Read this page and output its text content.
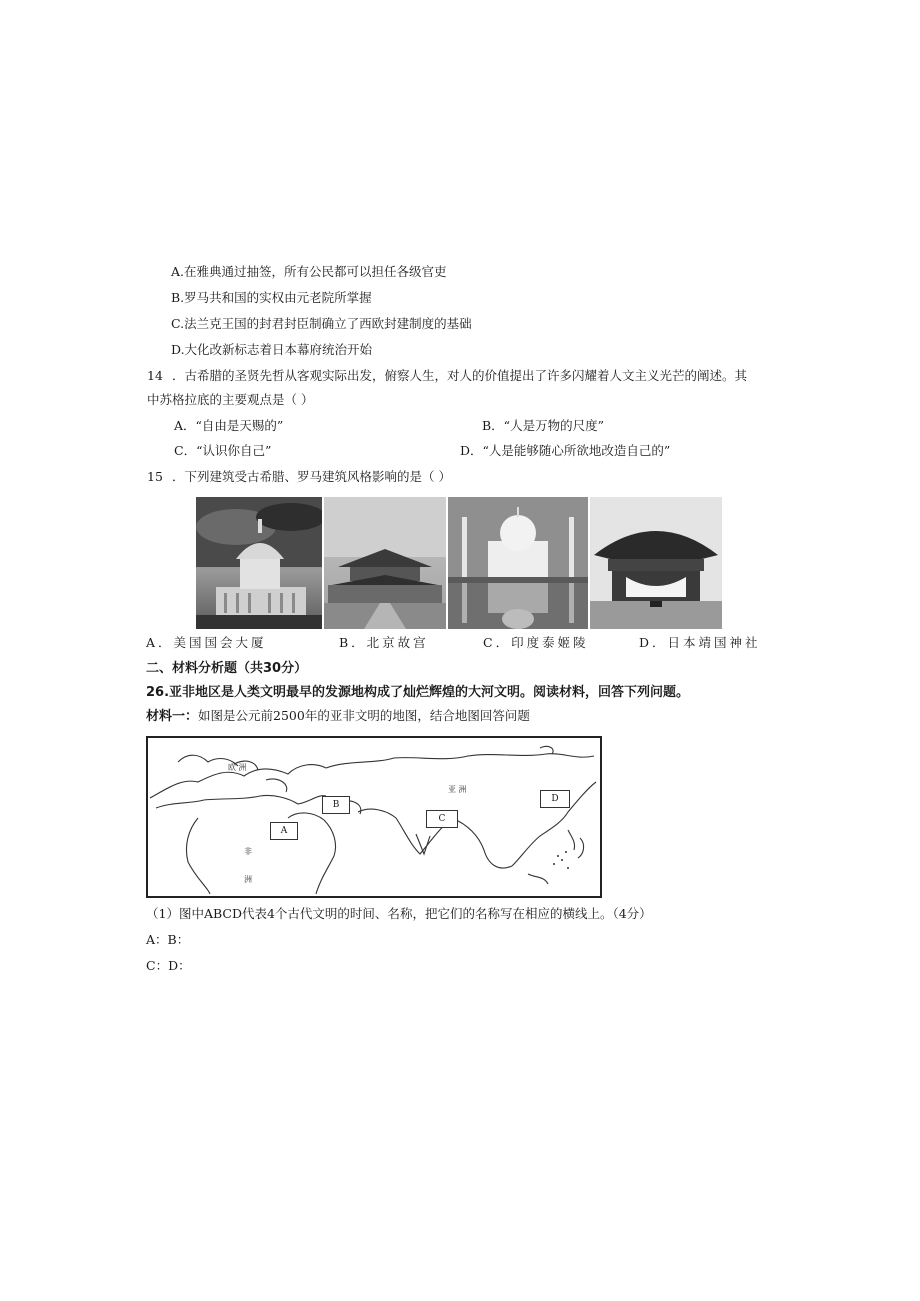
A.在雅典通过抽签，所有公民都可以担任各级官吏
B.罗马共和国的实权由元老院所掌握
C.法兰克王国的封君封臣制确立了西欧封建制度的基础
D.大化改新标志着日本幕府统治开始
14 ．古希腊的圣贤先哲从客观实际出发，俯察人生，对人的价值提出了许多闪耀着人文主义光芒的阐述。其
中苏格拉底的主要观点是（ ）
A．“自由是天赐的”	B．“人是万物的尺度”
C．“认识你自己”	D．“人是能够随心所欲地改造自己的”
15 ．下列建筑受古希腊、罗马建筑风格影响的是（ ）
A．美国国会大厦	B．北京故宫	C．印度泰姬陵	D．日本靖国神社
二、材料分析题（共30分）
26.亚非地区是人类文明最早的发源地构成了灿烂辉煌的大河文明。阅读材料，回答下列问题。
材料一：如图是公元前2500年的亚非文明的地图，结合地图回答问题
欧 洲
亚 洲
非
洲
A
B
C
D
（1）图中ABCD代表4个古代文明的时间、名称，把它们的名称写在相应的横线上。（4分）
A：B：
C：D：
